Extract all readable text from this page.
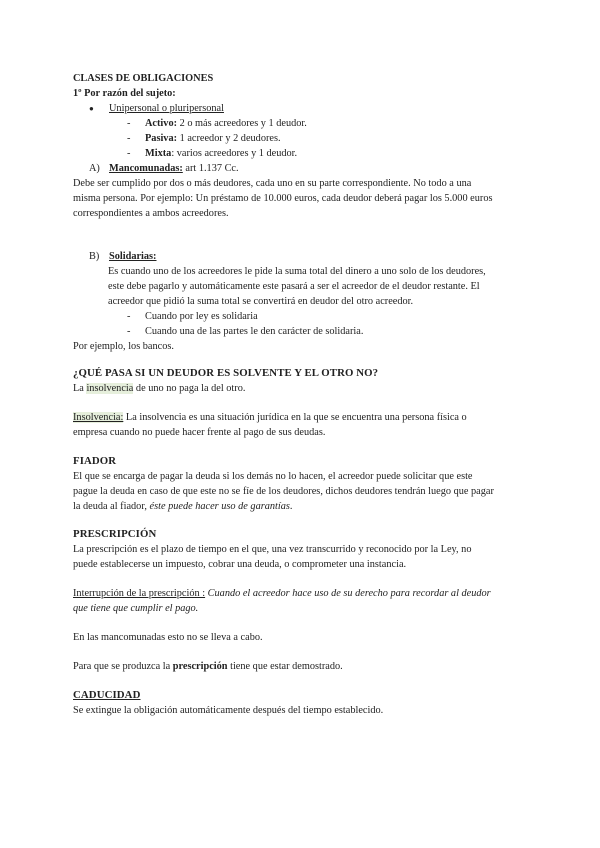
CLASES DE OBLIGACIONES
1º Por razón del sujeto:
● Unipersonal o pluripersonal
- Activo: 2 o más acreedores y 1 deudor.
- Pasiva: 1 acreedor y 2 deudores.
- Mixta: varios acreedores y 1 deudor.
A) Mancomunadas: art 1.137 Cc.
Debe ser cumplido por dos o más deudores, cada uno en su parte correspondiente. No todo a una
misma persona. Por ejemplo: Un préstamo de 10.000 euros, cada deudor deberá pagar los 5.000 euros
correspondientes a ambos acreedores.
B) Solidarias:
Es cuando uno de los acreedores le pide la suma total del dinero a uno solo de los deudores,
este debe pagarlo y automáticamente este pasará a ser el acreedor de el deudor restante. El
acreedor que pidió la suma total se convertirá en deudor del otro acreedor.
- Cuando por ley es solidaria
- Cuando una de las partes le den carácter de solidaria.
Por ejemplo, los bancos.
¿QUÉ PASA SI UN DEUDOR ES SOLVENTE Y EL OTRO NO?
La insolvencia de uno no paga la del otro.
Insolvencia: La insolvencia es una situación jurídica en la que se encuentra una persona física o
empresa cuando no puede hacer frente al pago de sus deudas.
FIADOR
El que se encarga de pagar la deuda si los demás no lo hacen, el acreedor puede solicitar que este
pague la deuda en caso de que este no se fíe de los deudores, dichos deudores tendrán luego que pagar
la deuda al fiador, éste puede hacer uso de garantías.
PRESCRIPCIÓN
La prescripción es el plazo de tiempo en el que, una vez transcurrido y reconocido por la Ley, no
puede establecerse un impuesto, cobrar una deuda, o comprometer una instancia.
Interrupción de la prescripción : Cuando el acreedor hace uso de su derecho para recordar al deudor
que tiene que cumplir el pago.
En las mancomunadas esto no se lleva a cabo.
Para que se produzca la prescripción tiene que estar demostrado.
CADUCIDAD
Se extingue la obligación automáticamente después del tiempo establecido.
